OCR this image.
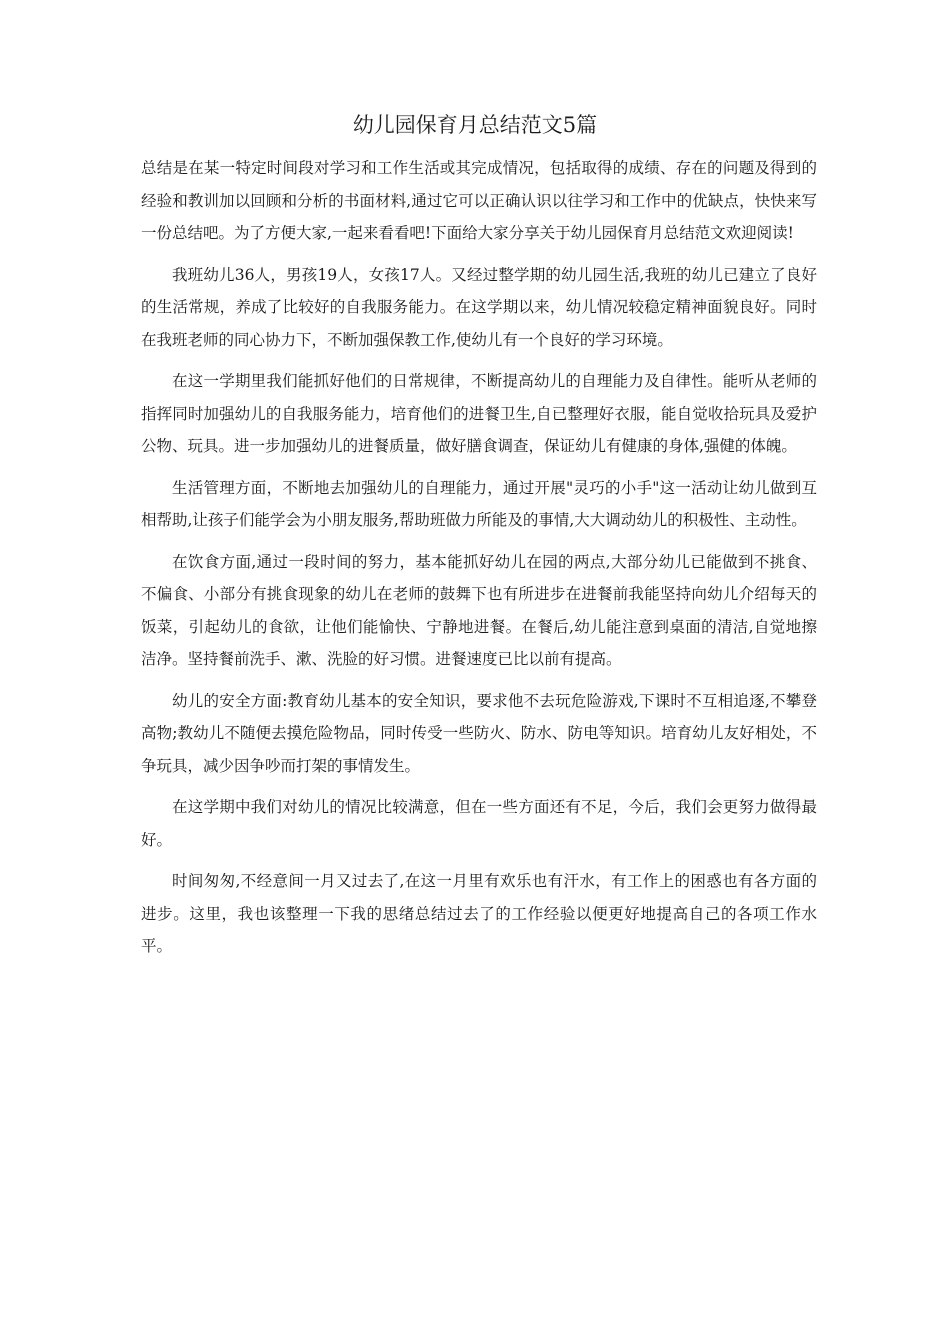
幼儿园保育月总结范文5篇

总结是在某一特定时间段对学习和工作生活或其完成情况，包括取得的成绩、存在的问题及得到的经验和教训加以回顾和分析的书面材料,通过它可以正确认识以往学习和工作中的优缺点，快快来写一份总结吧。为了方便大家,一起来看看吧!下面给大家分享关于幼儿园保育月总结范文欢迎阅读!

我班幼儿36人，男孩19人，女孩17人。又经过整学期的幼儿园生活,我班的幼儿已建立了良好的生活常规，养成了比较好的自我服务能力。在这学期以来，幼儿情况较稳定精神面貌良好。同时在我班老师的同心协力下，不断加强保教工作,使幼儿有一个良好的学习环境。

在这一学期里我们能抓好他们的日常规律，不断提高幼儿的自理能力及自律性。能听从老师的指挥同时加强幼儿的自我服务能力，培育他们的进餐卫生,自已整理好衣服，能自觉收拾玩具及爱护公物、玩具。进一步加强幼儿的进餐质量，做好膳食调查，保证幼儿有健康的身体,强健的体魄。

生活管理方面，不断地去加强幼儿的自理能力，通过开展"灵巧的小手"这一活动让幼儿做到互相帮助,让孩子们能学会为小朋友服务,帮助班做力所能及的事情,大大调动幼儿的积极性、主动性。

在饮食方面,通过一段时间的努力，基本能抓好幼儿在园的两点,大部分幼儿已能做到不挑食、不偏食、小部分有挑食现象的幼儿在老师的鼓舞下也有所进步在进餐前我能坚持向幼儿介绍每天的饭菜，引起幼儿的食欲，让他们能愉快、宁静地进餐。在餐后,幼儿能注意到桌面的清洁,自觉地擦洁净。坚持餐前洗手、漱、洗脸的好习惯。进餐速度已比以前有提高。

幼儿的安全方面:教育幼儿基本的安全知识，要求他不去玩危险游戏,下课时不互相追逐,不攀登高物;教幼儿不随便去摸危险物品，同时传受一些防火、防水、防电等知识。培育幼儿友好相处，不争玩具，减少因争吵而打架的事情发生。

在这学期中我们对幼儿的情况比较满意，但在一些方面还有不足，今后，我们会更努力做得最好。

时间匆匆,不经意间一月又过去了,在这一月里有欢乐也有汗水，有工作上的困惑也有各方面的进步。这里，我也该整理一下我的思绪总结过去了的工作经验以便更好地提高自己的各项工作水平。
